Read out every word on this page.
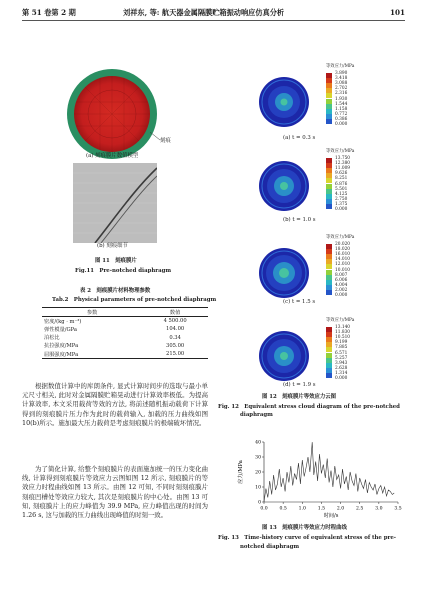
第 51 卷第 2 期	刘祥东, 等: 航天器金属隔膜贮箱振动响应仿真分析	101
刻痕
(a) 刻痕膜片数值模型
(b) 刻痕细节
图 11　刻痕膜片
Fig.11　Pre-notched diaphragm
表 2　刻痕膜片材料物理参数
Tab.2　Physical parameters of pre-notched diaphragm
参数	数值
密度/(kg · m⁻³)	4 500.00
弹性模量/GPa	104.00
泊松比	0.34
抗拉强度/MPa	305.00
屈服强度/MPa	215.00
根据数值计算中的库朗条件, 显式计算时间步的选取与最小单元尺寸相关, 此时对金属隔膜贮箱晃动进行计算效率极低。为提高计算效率, 本文采用载荷等效的方法, 将前述随机振动载荷下计算得到的刻痕膜片压力作为此时的载荷输入, 加载的压力曲线如图 10(b)所示。施加最大压力载荷是考虑刻痕膜片的极端破坏情况。
为了简化计算, 给整个刻痕膜片的表面施加统一的压力变化曲线, 计算得到刻痕膜片等效应力云图如图 12 所示, 刻痕膜片的等效应力时程曲线如图 13 所示。由图 12 可知, 不同时刻刻痕膜片刻痕凹槽处等效应力较大, 其次是刻痕膜片的中心处。由图 13 可知, 刻痕膜片上的应力峰值为 39.9 MPa, 应力峰值出现的时间为 1.26 s, 这与加载的压力曲线出现峰值的时刻一致。
等效应力/MPa
3.890
3.418
3.088
2.702
2.316
1.930
1.544
1.158
0.772
0.386
0.000
(a) t = 0.3 s
等效应力/MPa
13.750
12.380
11.009
9.626
8.251
6.876
5.501
4.125
2.750
1.375
0.000
(b) t = 1.0 s
等效应力/MPa
20.020
18.020
16.010
14.010
12.010
10.010
8.007
6.006
4.004
2.002
0.000
(c) t = 1.5 s
等效应力/MPa
13.140
11.830
10.510
9.199
7.885
6.571
5.257
3.943
2.628
1.314
0.000
(d) t = 1.9 s
图 12　刻痕膜片等效应力云图
Fig. 12　Equivalent stress cloud diagram of the pre-notched
diaphragm
0.0	0.5	1.0	1.5	2.0	2.5	3.0	3.5
0
10
20
30
40
时间/s
应力/MPa
图 13　刻痕膜片等效应力时程曲线
Fig. 13　Time-history curve of equivalent stress of the pre-
notched diaphragm
